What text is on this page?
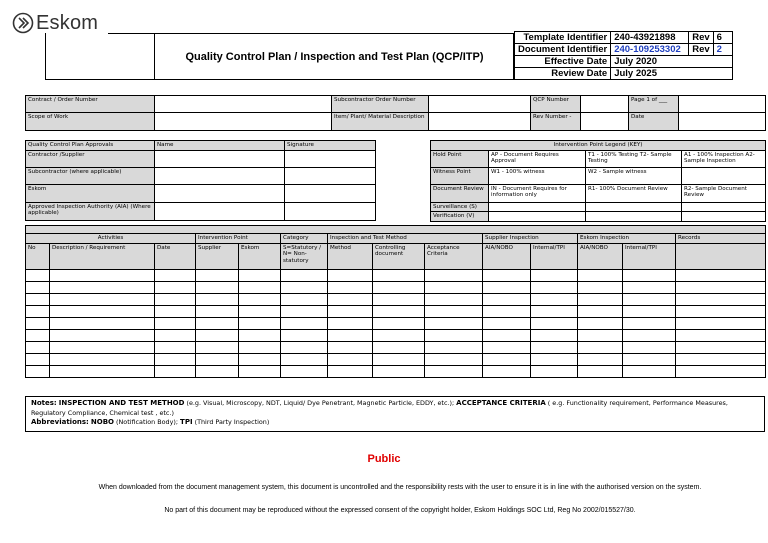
Eskom
Quality Control Plan / Inspection and Test Plan (QCP/ITP)
Template Identifier	240-43921898	Rev	6
Document Identifier	240-109253302	Rev	2
Effective Date	July 2020		
Review Date	July 2025		
Contract / Order Number		Subcontractor Order Number		QCP Number		Page 1 of ___	
Scope of Work		Item/ Plant/ Material Description		Rev Number -		Date	
Quality Control Plan Approvals	Name	Signature
Contractor /Supplier		
Subcontractor (where applicable)		
Eskom		
Approved Inspection Authority (AIA) (Where applicable)		
Intervention Point Legend (KEY)			
Hold Point	AP - Document Requires Approval	T1 - 100% Testing T2- Sample Testing	A1 - 100% Inspection A2- Sample Inspection
Witness Point	W1 - 100% witness	W2 - Sample witness	
Document Review	IN - Document Requires for information only	R1- 100% Document Review	R2- Sample Document Review
Surveillance (S)			
Verification (V)			

Activities			Intervention Point		Category	Inspection and Test Method			Supplier Inspection		Eskom Inspection		Records
No	Description / Requirement	Date	Supplier	Eskom	S=Statutory / N= Non-statutory	Method	Controlling document	Acceptance Criteria	AIA/NOBO	Internal/TPI	AIA/NOBO	Internal/TPI	

Notes: INSPECTION AND TEST METHOD (e.g. Visual, Microscopy, NDT, Liquid/ Dye Penetrant, Magnetic Particle, EDDY, etc.); ACCEPTANCE CRITERIA ( e.g. Functionality requirement, Performance Measures, Regulatory Compliance, Chemical test , etc.)
Abbreviations: NOBO (Notification Body); TPI (Third Party Inspection)
Public
When downloaded from the document management system, this document is uncontrolled and the responsibility rests with the user to ensure it is in line with the authorised version on the system.
No part of this document may be reproduced without the expressed consent of the copyright holder, Eskom Holdings SOC Ltd, Reg No 2002/015527/30.
